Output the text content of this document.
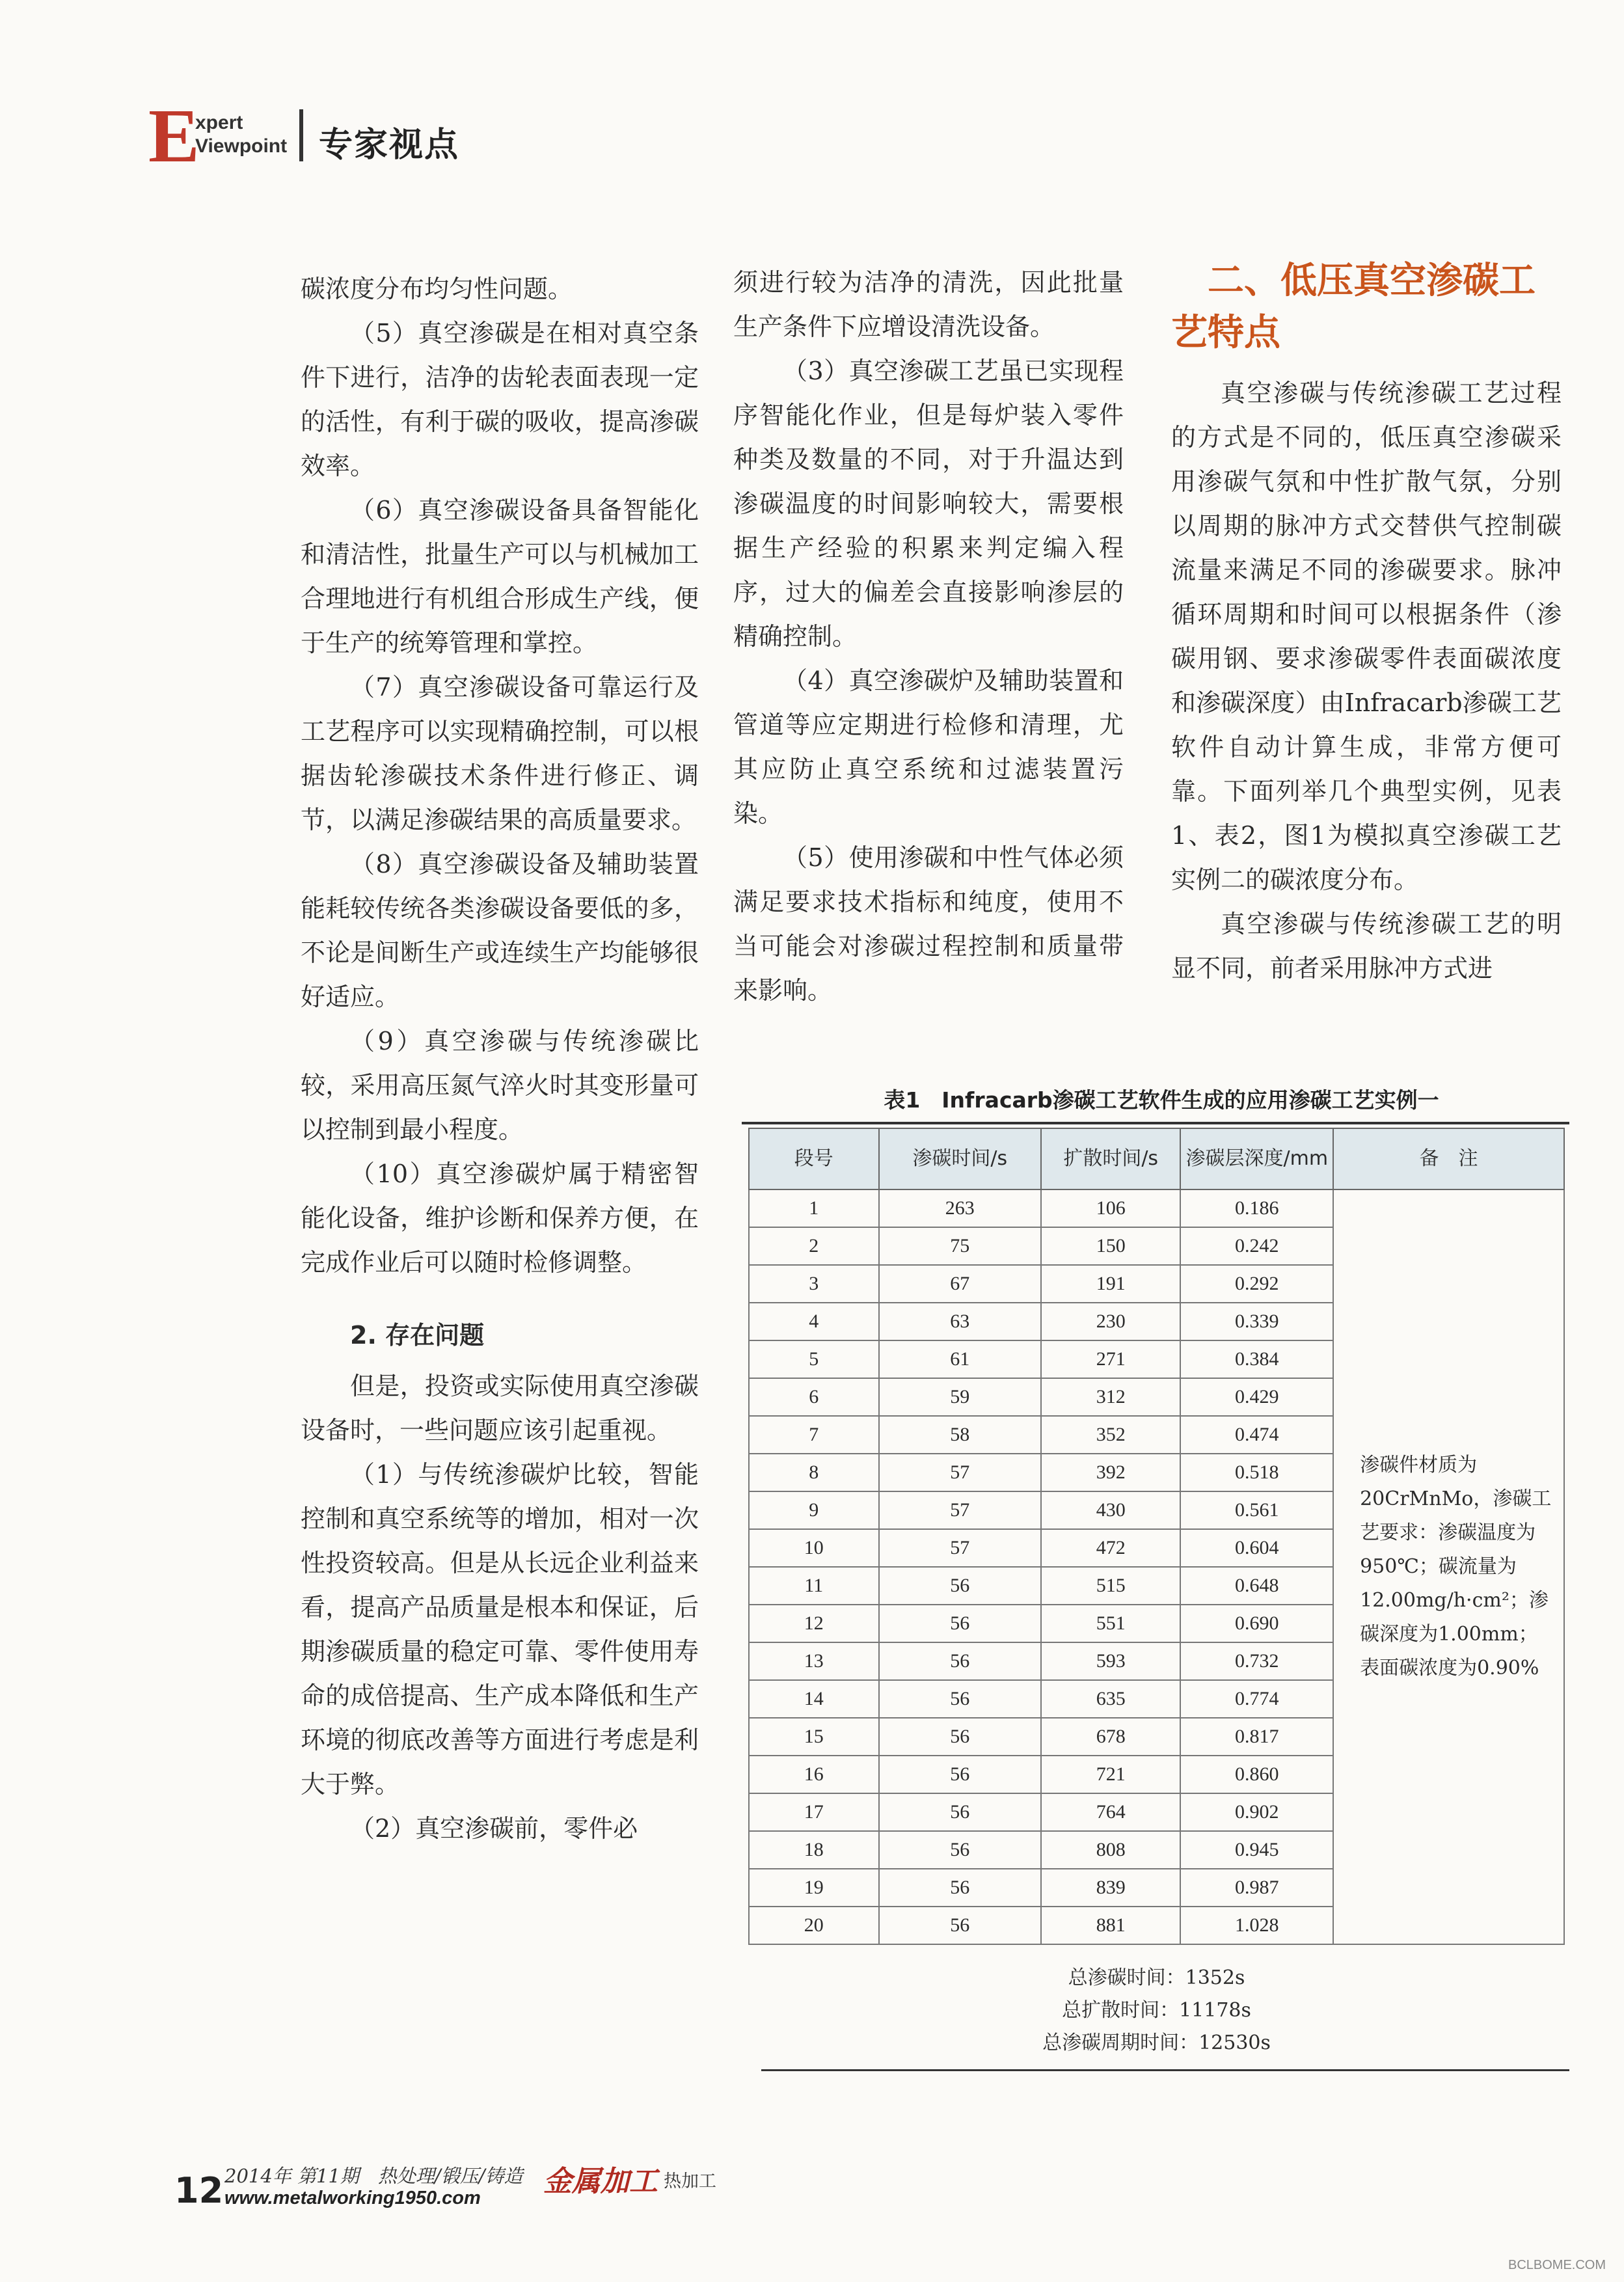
E
xpert
Viewpoint 专家视点

碳浓度分布均匀性问题。

（5）真空渗碳是在相对真空条件下进行，洁净的齿轮表面表现一定的活性，有利于碳的吸收，提高渗碳效率。

（6）真空渗碳设备具备智能化和清洁性，批量生产可以与机械加工合理地进行有机组合形成生产线，便于生产的统筹管理和掌控。

（7）真空渗碳设备可靠运行及工艺程序可以实现精确控制，可以根据齿轮渗碳技术条件进行修正、调节，以满足渗碳结果的高质量要求。

（8）真空渗碳设备及辅助装置能耗较传统各类渗碳设备要低的多，不论是间断生产或连续生产均能够很好适应。

（9）真空渗碳与传统渗碳比较，采用高压氮气淬火时其变形量可以控制到最小程度。

（10）真空渗碳炉属于精密智能化设备，维护诊断和保养方便，在完成作业后可以随时检修调整。

2. 存在问题

但是，投资或实际使用真空渗碳设备时，一些问题应该引起重视。

（1）与传统渗碳炉比较，智能控制和真空系统等的增加，相对一次性投资较高。但是从长远企业利益来看，提高产品质量是根本和保证，后期渗碳质量的稳定可靠、零件使用寿命的成倍提高、生产成本降低和生产环境的彻底改善等方面进行考虑是利大于弊。

（2）真空渗碳前，零件必

须进行较为洁净的清洗，因此批量生产条件下应增设清洗设备。

（3）真空渗碳工艺虽已实现程序智能化作业，但是每炉装入零件种类及数量的不同，对于升温达到渗碳温度的时间影响较大，需要根据生产经验的积累来判定编入程序，过大的偏差会直接影响渗层的精确控制。

（4）真空渗碳炉及辅助装置和管道等应定期进行检修和清理，尤其应防止真空系统和过滤装置污染。

（5）使用渗碳和中性气体必须满足要求技术指标和纯度，使用不当可能会对渗碳过程控制和质量带来影响。

二、低压真空渗碳工艺特点

真空渗碳与传统渗碳工艺过程的方式是不同的，低压真空渗碳采用渗碳气氛和中性扩散气氛，分别以周期的脉冲方式交替供气控制碳流量来满足不同的渗碳要求。脉冲循环周期和时间可以根据条件（渗碳用钢、要求渗碳零件表面碳浓度和渗碳深度）由Infracarb渗碳工艺软件自动计算生成，非常方便可靠。下面列举几个典型实例，见表1、表2，图1为模拟真空渗碳工艺实例二的碳浓度分布。

真空渗碳与传统渗碳工艺的明显不同，前者采用脉冲方式进

表1　Infracarb渗碳工艺软件生成的应用渗碳工艺实例一
段号	渗碳时间/s	扩散时间/s	渗碳层深度/mm	备　注
1	263	106	0.186	渗碳件材质为20CrMnMo，渗碳工艺要求：渗碳温度为950℃；碳流量为12.00mg/h·cm²；渗碳深度为1.00mm；表面碳浓度为0.90%
2	75	150	0.242	
3	67	191	0.292	
4	63	230	0.339	
5	61	271	0.384	
6	59	312	0.429	
7	58	352	0.474	
8	57	392	0.518	
9	57	430	0.561	
10	57	472	0.604	
11	56	515	0.648	
12	56	551	0.690	
13	56	593	0.732	
14	56	635	0.774	
15	56	678	0.817	
16	56	721	0.860	
17	56	764	0.902	
18	56	808	0.945	
19	56	839	0.987	
20	56	881	1.028	
总渗碳时间：1352s
总扩散时间：11178s
总渗碳周期时间：12530s
12 2014年 第11期　热处理/锻压/铸造
www.metalworking1950.com 金属加工 热加工
BCLBOME.COM
